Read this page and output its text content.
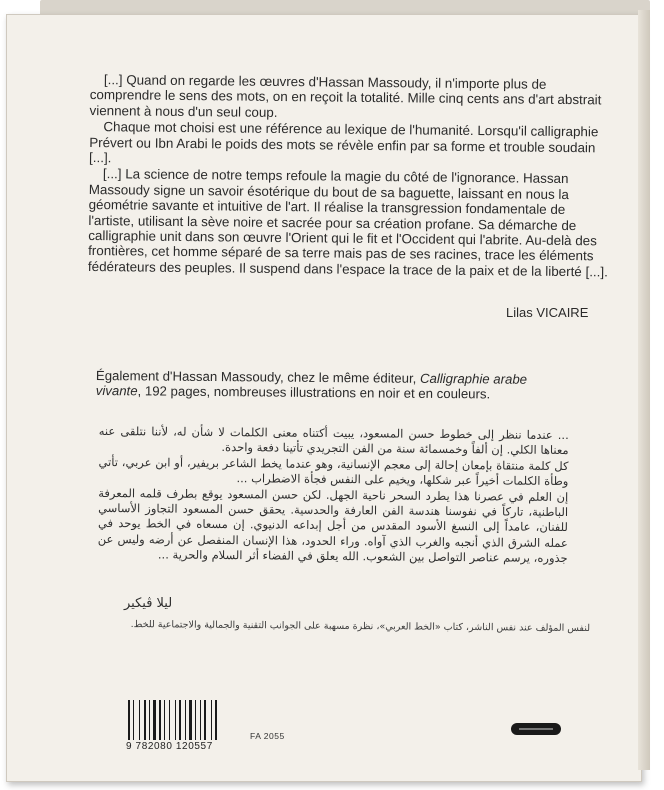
[...] Quand on regarde les œuvres d'Hassan Massoudy, il n'importe plus de comprendre le sens des mots, on en reçoit la totalité. Mille cinq cents ans d'art abstrait viennent à nous d'un seul coup.

Chaque mot choisi est une référence au lexique de l'humanité. Lorsqu'il calligraphie Prévert ou Ibn Arabi le poids des mots se révèle enfin par sa forme et trouble soudain [...].

[...] La science de notre temps refoule la magie du côté de l'ignorance. Hassan Massoudy signe un savoir ésotérique du bout de sa baguette, laissant en nous la géométrie savante et intuitive de l'art. Il réalise la transgression fondamentale de l'artiste, utilisant la sève noire et sacrée pour sa création profane. Sa démarche de calligraphie unit dans son œuvre l'Orient qui le fit et l'Occident qui l'abrite. Au-delà des frontières, cet homme séparé de sa terre mais pas de ses racines, trace les éléments fédérateurs des peuples. Il suspend dans l'espace la trace de la paix et de la liberté [...].

Lilas VICAIRE
Également d'Hassan Massoudy, chez le même éditeur, Calligraphie arabe vivante, 192 pages, nombreuses illustrations en noir et en couleurs.

... عندما ننظر إلى خطوط حسن المسعود، يبيت أكتناه معنى الكلمات لا شأن له، لأننا نتلقى عنه معناها الكلي. إن ألفاً وخمسمائة سنة من الفن التجريدي تأتينا دفعة واحدة.

كل كلمة منتقاة بإمعان إحالة إلى معجم الإنسانية، وهو عندما يخط الشاعر بريفير، أو ابن عربي، تأتي وطأة الكلمات أخيراً عبر شكلها، ويخيم على النفس فجأة الاضطراب ...

إن العلم في عصرنا هذا يطرد السحر ناحية الجهل. لكن حسن المسعود يوقع بطرف قلمه المعرفة الباطنية، تاركاً في نفوسنا هندسة الفن العارفة والحدسية. يحقق حسن المسعود التجاوز الأساسي للفنان، عامداً إلى النسغ الأسود المقدس من أجل إبداعه الدنيوي. إن مسعاه في الخط يوحد في عمله الشرق الذي أنجبه والغرب الذي آواه. وراء الحدود، هذا الإنسان المنفصل عن أرضه وليس عن جذوره، يرسم عناصر التواصل بين الشعوب. الله يعلق في الفضاء أثر السلام والحرية ...

ليلا ڤيكير
لنفس المؤلف عند نفس الناشر، كتاب «الخط العربي»، نظرة مسهبة على الجوانب التقنية والجمالية والاجتماعية للخط.
9 782080 120557
FA 2055
